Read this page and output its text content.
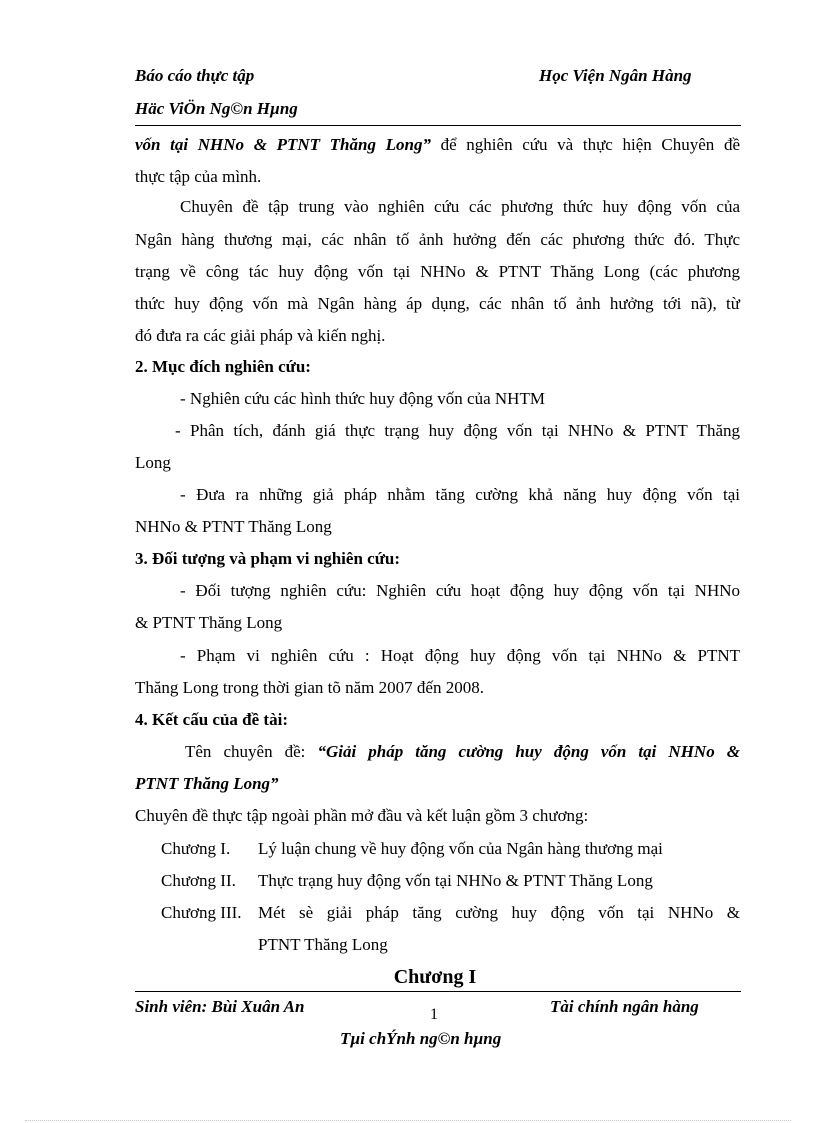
Báo cáo thực tập	Học Viện Ngân Hàng
Häc ViÖn Ng©n Hµng
vốn tại NHNo & PTNT Thăng Long” để nghiên cứu và thực hiện Chuyên đề
thực tập của mình.
Chuyên đề tập trung vào nghiên cứu các phương thức huy động vốn của
Ngân hàng thương mại, các nhân tố ảnh hưởng đến các phương thức đó. Thực
trạng về công tác huy động vốn tại NHNo & PTNT Thăng Long (các phương
thức huy động vốn mà Ngân hàng áp dụng, các nhân tố ảnh hưởng tới nã), từ
đó đưa ra các giải pháp và kiến nghị.
2. Mục đích nghiên cứu:
- Nghiên cứu các hình thức huy động vốn của NHTM
- Phân tích, đánh giá thực trạng huy động vốn tại NHNo & PTNT Thăng
Long
- Đưa ra những giả pháp nhằm tăng cường khả năng huy động vốn tại
NHNo & PTNT Thăng Long
3. Đối tượng và phạm vi nghiên cứu:
- Đối tượng nghiên cứu: Nghiên cứu hoạt động huy động vốn tại NHNo
& PTNT Thăng Long
- Phạm vi nghiên cứu : Hoạt động huy động vốn tại NHNo & PTNT
Thăng Long trong thời gian tõ năm 2007 đến 2008.
4. Kết cấu của đề tài:
Tên chuyên đề: “Giải pháp tăng cường huy động vốn tại NHNo &
PTNT Thăng Long”
Chuyên đề thực tập ngoài phần mở đầu và kết luận gồm 3 chương:
Chương I. Lý luận chung về huy động vốn của Ngân hàng thương mại
Chương II. Thực trạng huy động vốn tại NHNo & PTNT Thăng Long
Chương III. Mét sè giải pháp tăng cường huy động vốn tại NHNo &
PTNT Thăng Long
Chương I
Sinh viên: Bùi Xuân An	1	Tài chính ngân hàng
Tµi chÝnh ng©n hµng
